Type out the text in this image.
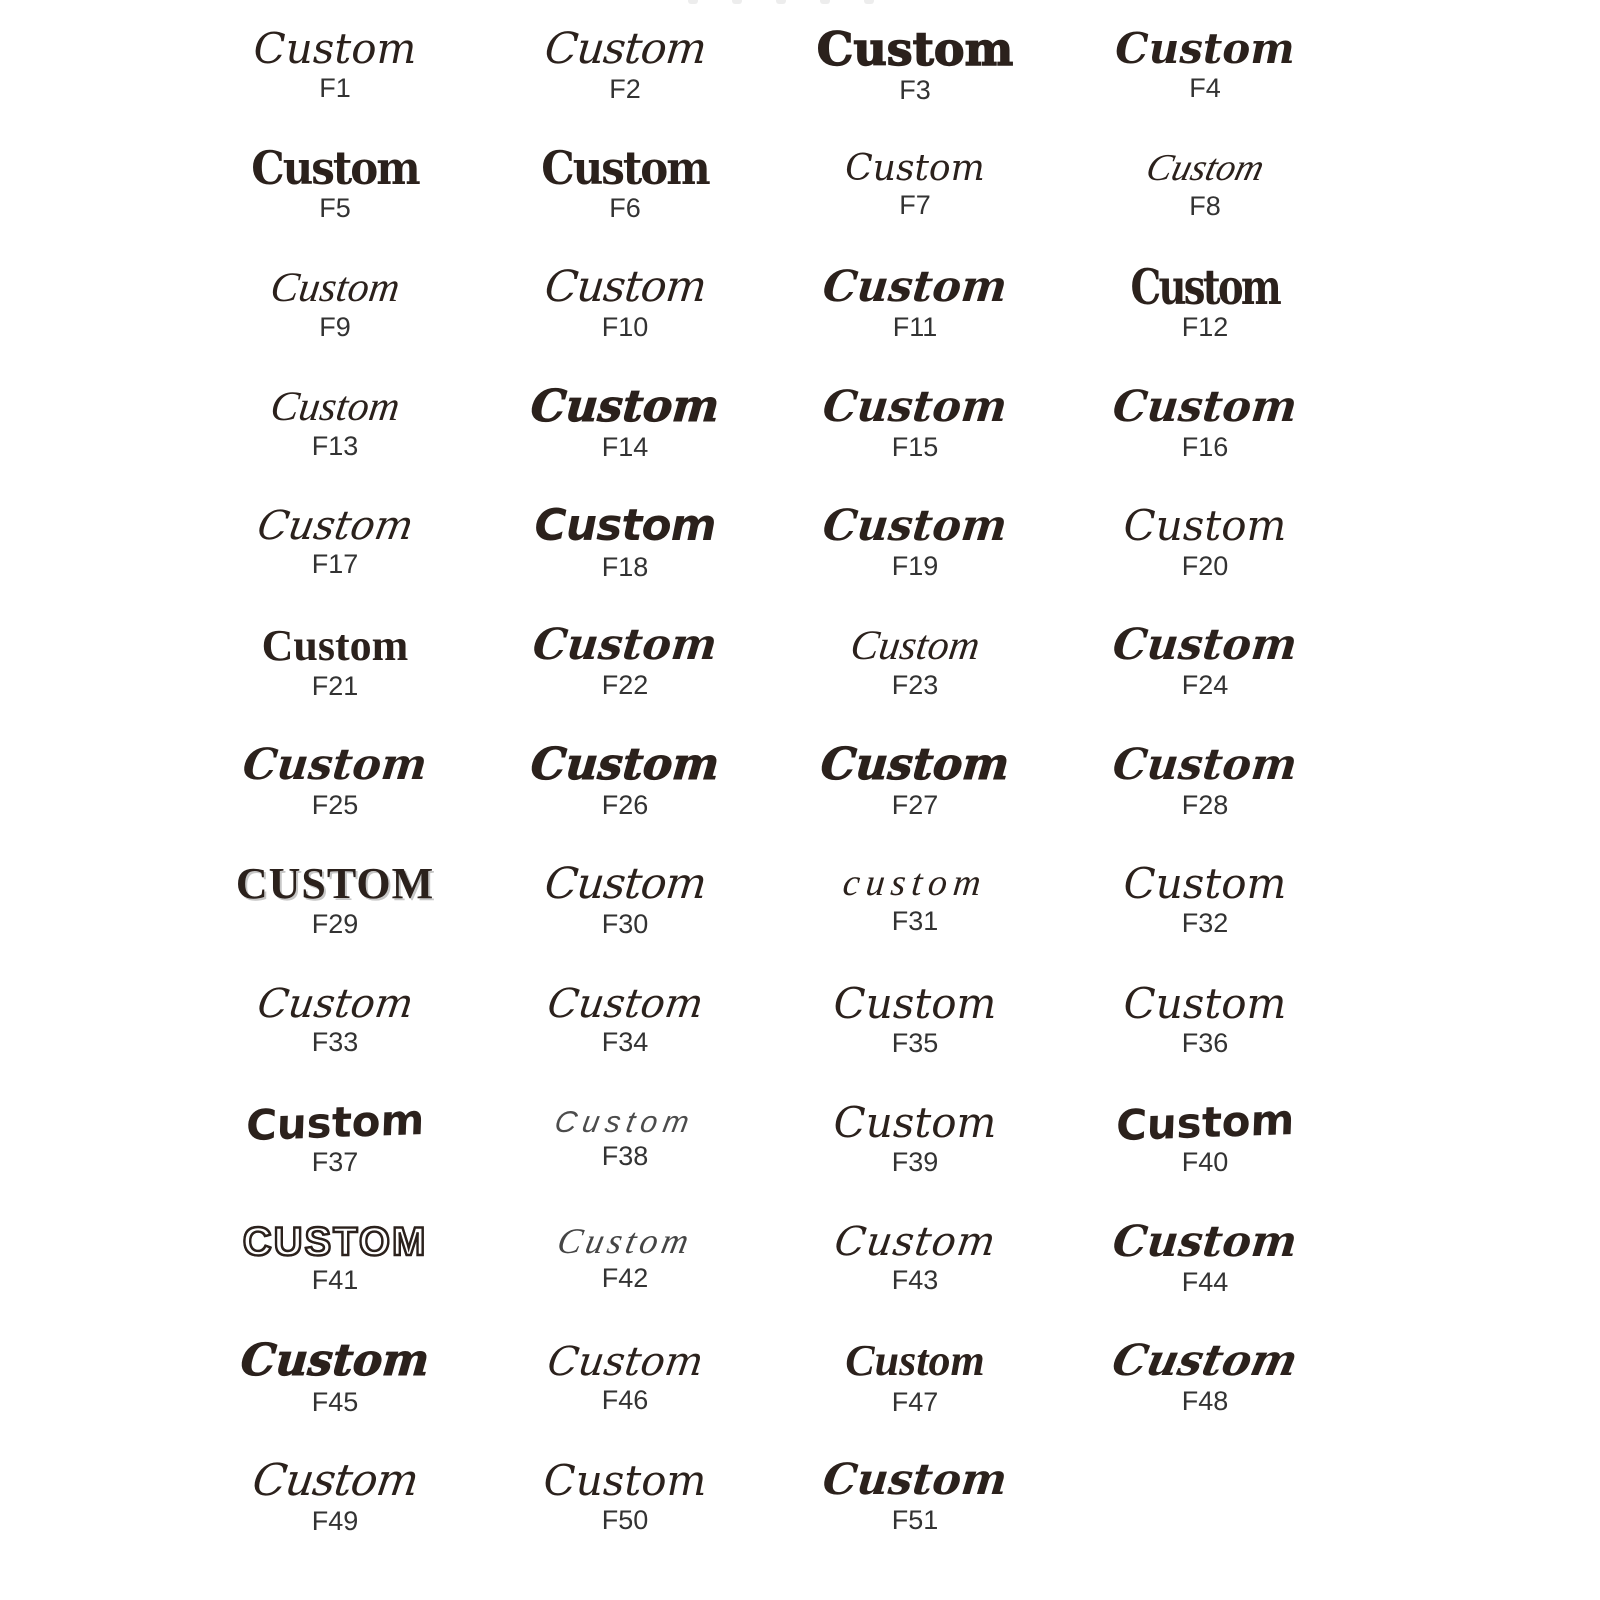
Custom
F1
Custom
F2
Custom
F3
Custom
F4
Custom
F5
Custom
F6
Custom
F7
Custom
F8
Custom
F9
Custom
F10
Custom
F11
Custom
F12
Custom
F13
Custom
F14
Custom
F15
Custom
F16
Custom
F17
Custom
F18
Custom
F19
Custom
F20
Custom
F21
Custom
F22
Custom
F23
Custom
F24
Custom
F25
Custom
F26
Custom
F27
Custom
F28
CUSTOM
F29
Custom
F30
custom
F31
Custom
F32
Custom
F33
Custom
F34
Custom
F35
Custom
F36
Custom
F37
Custom
F38
Custom
F39
Custom
F40
CUSTOM
F41
Custom
F42
Custom
F43
Custom
F44
Custom
F45
Custom
F46
Custom
F47
Custom
F48
Custom
F49
Custom
F50
Custom
F51
